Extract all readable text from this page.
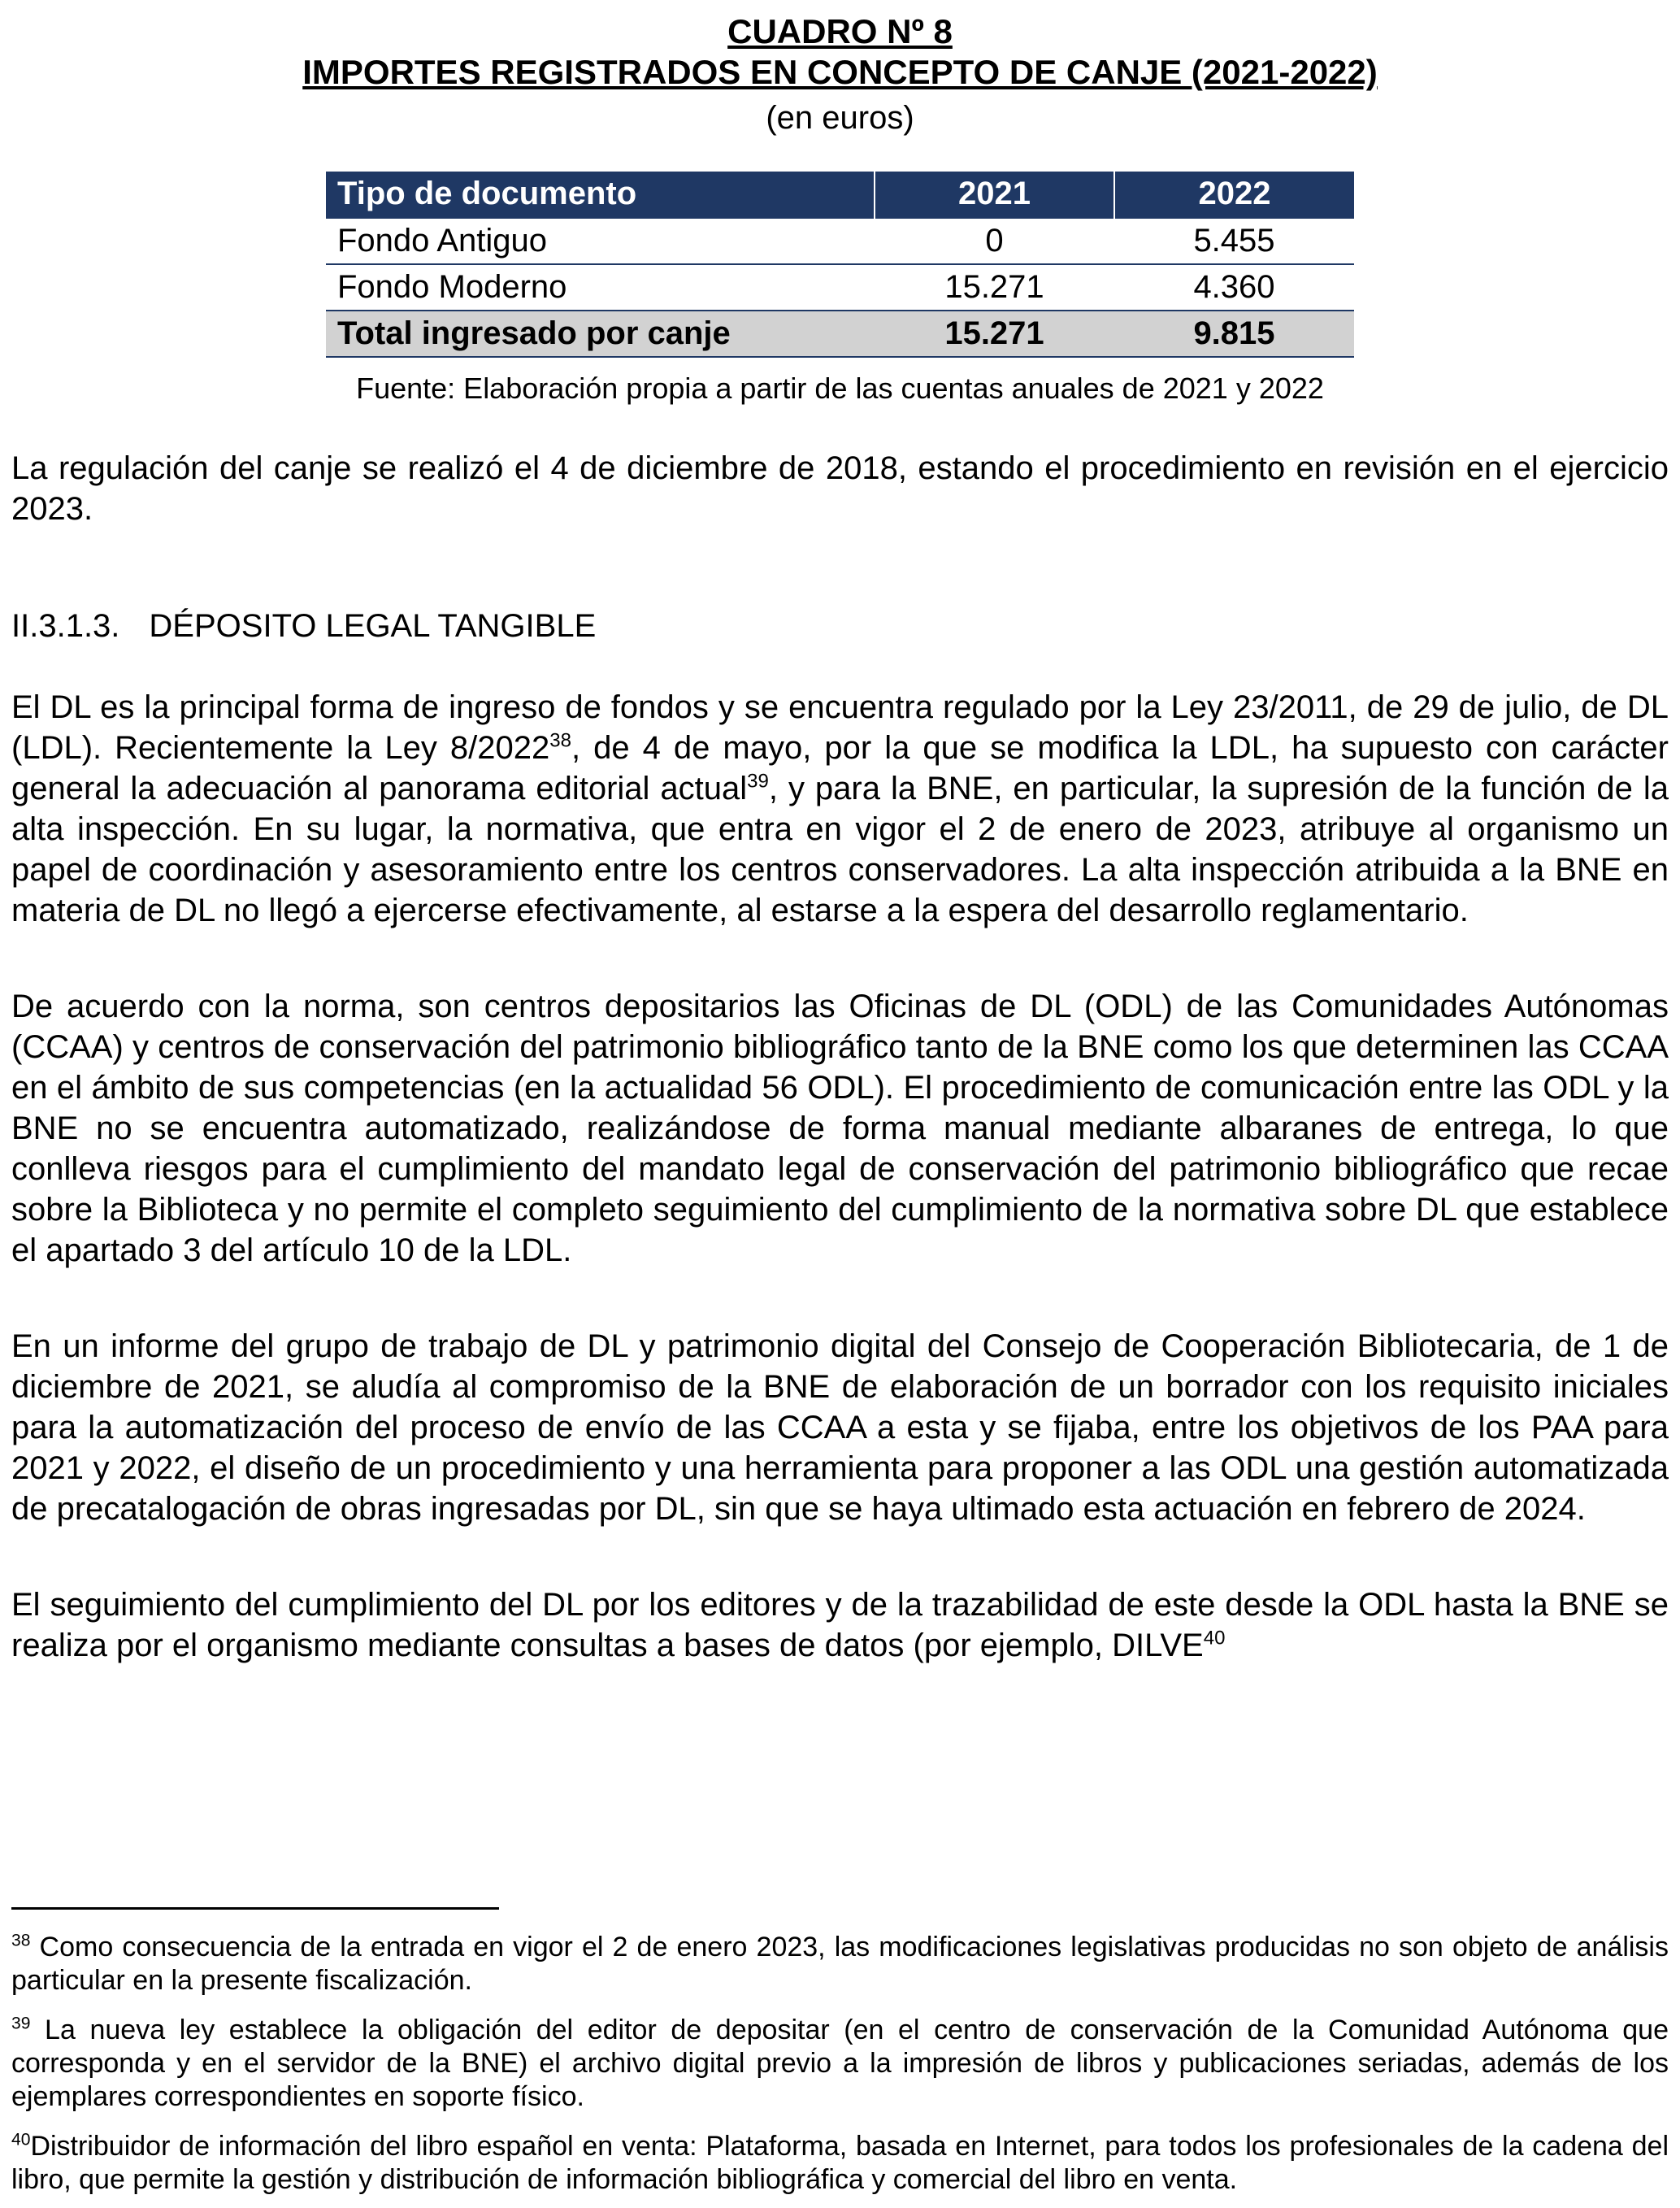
CUADRO Nº 8
IMPORTES REGISTRADOS EN CONCEPTO DE CANJE (2021-2022)
(en euros)
Tipo de documento	2021	2022
Fondo Antiguo	0	5.455
Fondo Moderno	15.271	4.360
Total ingresado por canje	15.271	9.815
Fuente: Elaboración propia a partir de las cuentas anuales de 2021 y 2022

La regulación del canje se realizó el 4 de diciembre de 2018, estando el procedimiento en revisión en el ejercicio 2023.

II.3.1.3. DÉPOSITO LEGAL TANGIBLE

El DL es la principal forma de ingreso de fondos y se encuentra regulado por la Ley 23/2011, de 29 de julio, de DL (LDL). Recientemente la Ley 8/2022$^{38}$, de 4 de mayo, por la que se modifica la LDL, ha supuesto con carácter general la adecuación al panorama editorial actual$^{39}$, y para la BNE, en particular, la supresión de la función de la alta inspección. En su lugar, la normativa, que entra en vigor el 2 de enero de 2023, atribuye al organismo un papel de coordinación y asesoramiento entre los centros conservadores. La alta inspección atribuida a la BNE en materia de DL no llegó a ejercerse efectivamente, al estarse a la espera del desarrollo reglamentario.

De acuerdo con la norma, son centros depositarios las Oficinas de DL (ODL) de las Comunidades Autónomas (CCAA) y centros de conservación del patrimonio bibliográfico tanto de la BNE como los que determinen las CCAA en el ámbito de sus competencias (en la actualidad 56 ODL). El procedimiento de comunicación entre las ODL y la BNE no se encuentra automatizado, realizándose de forma manual mediante albaranes de entrega, lo que conlleva riesgos para el cumplimiento del mandato legal de conservación del patrimonio bibliográfico que recae sobre la Biblioteca y no permite el completo seguimiento del cumplimiento de la normativa sobre DL que establece el apartado 3 del artículo 10 de la LDL.

En un informe del grupo de trabajo de DL y patrimonio digital del Consejo de Cooperación Bibliotecaria, de 1 de diciembre de 2021, se aludía al compromiso de la BNE de elaboración de un borrador con los requisito iniciales para la automatización del proceso de envío de las CCAA a esta y se fijaba, entre los objetivos de los PAA para 2021 y 2022, el diseño de un procedimiento y una herramienta para proponer a las ODL una gestión automatizada de precatalogación de obras ingresadas por DL, sin que se haya ultimado esta actuación en febrero de 2024.

El seguimiento del cumplimiento del DL por los editores y de la trazabilidad de este desde la ODL hasta la BNE se realiza por el organismo mediante consultas a bases de datos (por ejemplo, DILVE$^{40}$

$^{38}$ Como consecuencia de la entrada en vigor el 2 de enero 2023, las modificaciones legislativas producidas no son objeto de análisis particular en la presente fiscalización.

$^{39}$ La nueva ley establece la obligación del editor de depositar (en el centro de conservación de la Comunidad Autónoma que corresponda y en el servidor de la BNE) el archivo digital previo a la impresión de libros y publicaciones seriadas, además de los ejemplares correspondientes en soporte físico.

$^{40}$Distribuidor de información del libro español en venta: Plataforma, basada en Internet, para todos los profesionales de la cadena del libro, que permite la gestión y distribución de información bibliográfica y comercial del libro en venta.
